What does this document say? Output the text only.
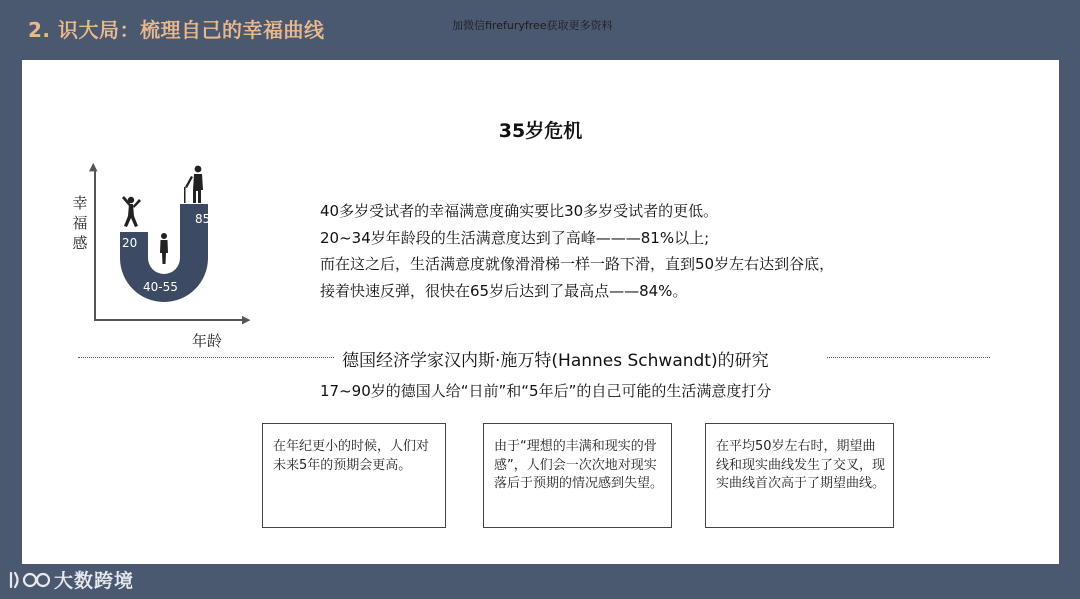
2. 识大局：梳理自己的幸福曲线	加微信firefuryfree获取更多资料
35岁危机
▲
▶
幸福感
年龄
20
40-55
85	40多岁受试者的幸福满意度确实要比30多岁受试者的更低。
20~34岁年龄段的生活满意度达到了高峰———81%以上;
而在这之后，生活满意度就像滑滑梯一样一路下滑，直到50岁左右达到谷底，
接着快速反弹，很快在65岁后达到了最高点——84%。
德国经济学家汉内斯·施万特(Hannes Schwandt)的研究
17~90岁的德国人给“日前”和“5年后”的自己可能的生活满意度打分
在年纪更小的时候，人们对未来5年的预期会更高。
由于“理想的丰满和现实的骨感”，人们会一次次地对现实落后于预期的情况感到失望。
在平均50岁左右时，期望曲线和现实曲线发生了交叉，现实曲线首次高于了期望曲线。
大数跨境
